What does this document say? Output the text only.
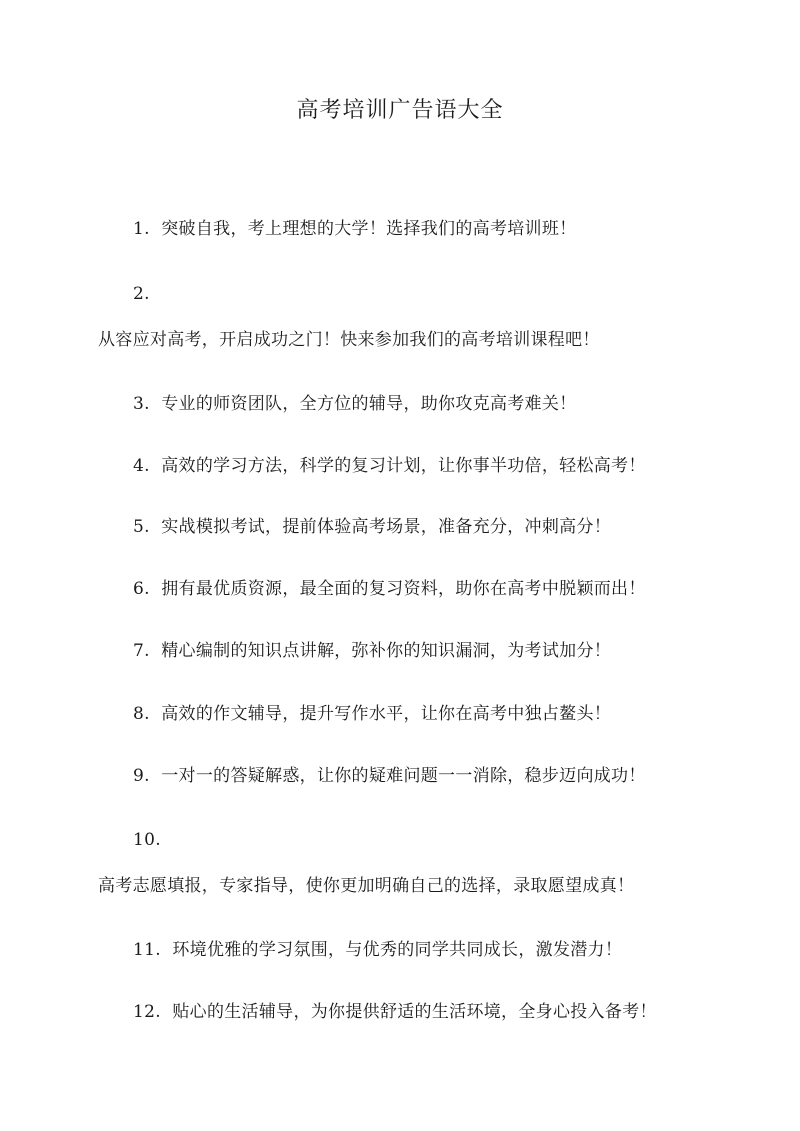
高考培训广告语大全
1. 突破自我，考上理想的大学！选择我们的高考培训班！
2.
从容应对高考，开启成功之门！快来参加我们的高考培训课程吧！
3. 专业的师资团队，全方位的辅导，助你攻克高考难关！
4. 高效的学习方法，科学的复习计划，让你事半功倍，轻松高考！
5. 实战模拟考试，提前体验高考场景，准备充分，冲刺高分！
6. 拥有最优质资源，最全面的复习资料，助你在高考中脱颖而出！
7. 精心编制的知识点讲解，弥补你的知识漏洞，为考试加分！
8. 高效的作文辅导，提升写作水平，让你在高考中独占鳌头！
9. 一对一的答疑解惑，让你的疑难问题一一消除，稳步迈向成功！
10.
高考志愿填报，专家指导，使你更加明确自己的选择，录取愿望成真！
11. 环境优雅的学习氛围，与优秀的同学共同成长，激发潜力！
12. 贴心的生活辅导，为你提供舒适的生活环境，全身心投入备考！
